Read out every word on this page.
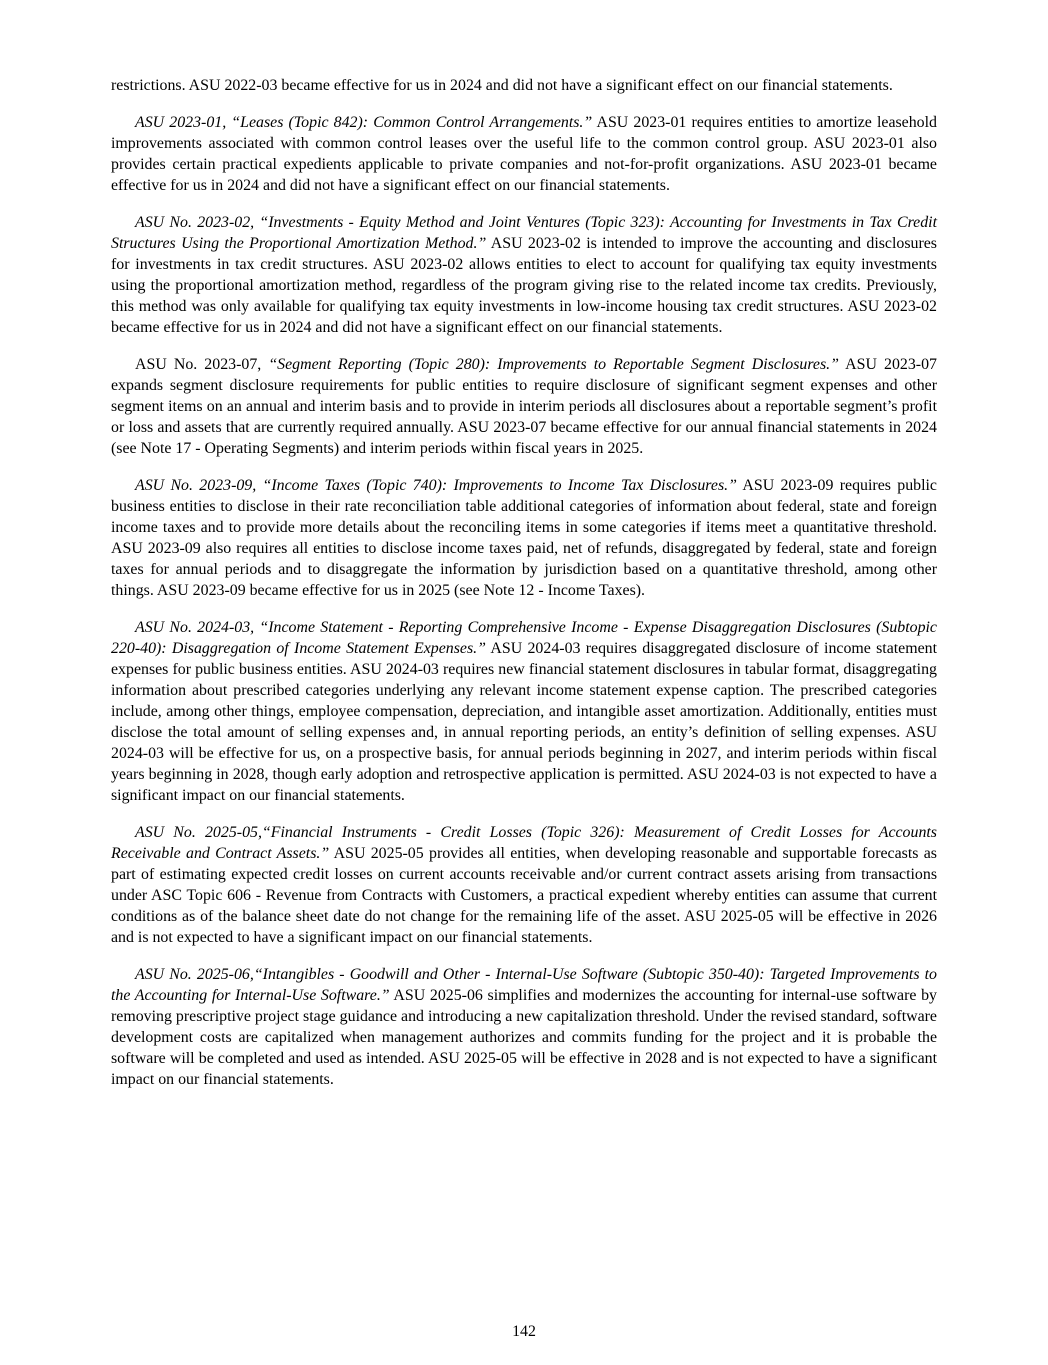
restrictions. ASU 2022-03 became effective for us in 2024 and did not have a significant effect on our financial statements.

ASU 2023-01, “Leases (Topic 842): Common Control Arrangements.” ASU 2023-01 requires entities to amortize leasehold improvements associated with common control leases over the useful life to the common control group. ASU 2023-01 also provides certain practical expedients applicable to private companies and not-for-profit organizations. ASU 2023-01 became effective for us in 2024 and did not have a significant effect on our financial statements.

ASU No. 2023-02, “Investments - Equity Method and Joint Ventures (Topic 323): Accounting for Investments in Tax Credit Structures Using the Proportional Amortization Method.” ASU 2023-02 is intended to improve the accounting and disclosures for investments in tax credit structures. ASU 2023-02 allows entities to elect to account for qualifying tax equity investments using the proportional amortization method, regardless of the program giving rise to the related income tax credits. Previously, this method was only available for qualifying tax equity investments in low-income housing tax credit structures. ASU 2023-02 became effective for us in 2024 and did not have a significant effect on our financial statements.

ASU No. 2023-07, “Segment Reporting (Topic 280): Improvements to Reportable Segment Disclosures.” ASU 2023-07 expands segment disclosure requirements for public entities to require disclosure of significant segment expenses and other segment items on an annual and interim basis and to provide in interim periods all disclosures about a reportable segment’s profit or loss and assets that are currently required annually. ASU 2023-07 became effective for our annual financial statements in 2024 (see Note 17 - Operating Segments) and interim periods within fiscal years in 2025.

ASU No. 2023-09, “Income Taxes (Topic 740): Improvements to Income Tax Disclosures.” ASU 2023-09 requires public business entities to disclose in their rate reconciliation table additional categories of information about federal, state and foreign income taxes and to provide more details about the reconciling items in some categories if items meet a quantitative threshold. ASU 2023-09 also requires all entities to disclose income taxes paid, net of refunds, disaggregated by federal, state and foreign taxes for annual periods and to disaggregate the information by jurisdiction based on a quantitative threshold, among other things. ASU 2023-09 became effective for us in 2025 (see Note 12 - Income Taxes).

ASU No. 2024-03, “Income Statement - Reporting Comprehensive Income - Expense Disaggregation Disclosures (Subtopic 220-40): Disaggregation of Income Statement Expenses.” ASU 2024-03 requires disaggregated disclosure of income statement expenses for public business entities. ASU 2024-03 requires new financial statement disclosures in tabular format, disaggregating information about prescribed categories underlying any relevant income statement expense caption. The prescribed categories include, among other things, employee compensation, depreciation, and intangible asset amortization. Additionally, entities must disclose the total amount of selling expenses and, in annual reporting periods, an entity’s definition of selling expenses. ASU 2024-03 will be effective for us, on a prospective basis, for annual periods beginning in 2027, and interim periods within fiscal years beginning in 2028, though early adoption and retrospective application is permitted. ASU 2024-03 is not expected to have a significant impact on our financial statements.

ASU No. 2025-05,“Financial Instruments - Credit Losses (Topic 326): Measurement of Credit Losses for Accounts Receivable and Contract Assets.” ASU 2025-05 provides all entities, when developing reasonable and supportable forecasts as part of estimating expected credit losses on current accounts receivable and/or current contract assets arising from transactions under ASC Topic 606 - Revenue from Contracts with Customers, a practical expedient whereby entities can assume that current conditions as of the balance sheet date do not change for the remaining life of the asset. ASU 2025-05 will be effective in 2026 and is not expected to have a significant impact on our financial statements.

ASU No. 2025-06,“Intangibles - Goodwill and Other - Internal-Use Software (Subtopic 350-40): Targeted Improvements to the Accounting for Internal-Use Software.” ASU 2025-06 simplifies and modernizes the accounting for internal-use software by removing prescriptive project stage guidance and introducing a new capitalization threshold. Under the revised standard, software development costs are capitalized when management authorizes and commits funding for the project and it is probable the software will be completed and used as intended. ASU 2025-05 will be effective in 2028 and is not expected to have a significant impact on our financial statements.

142
